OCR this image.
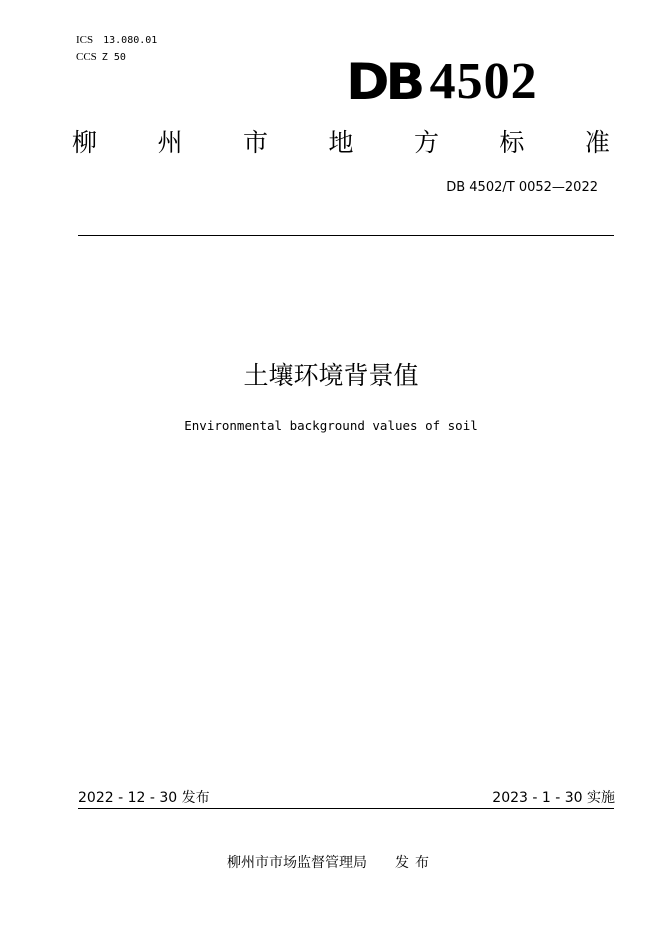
ICS 13.080.01
CCS Z 50	DB 4502
柳 州 市 地 方 标 准
DB 4502/T 0052—2022
土壤环境背景值
Environmental background values of soil
2022 - 12 - 30 发布	2023 - 1 - 30 实施
柳州市市场监督管理局 发布
